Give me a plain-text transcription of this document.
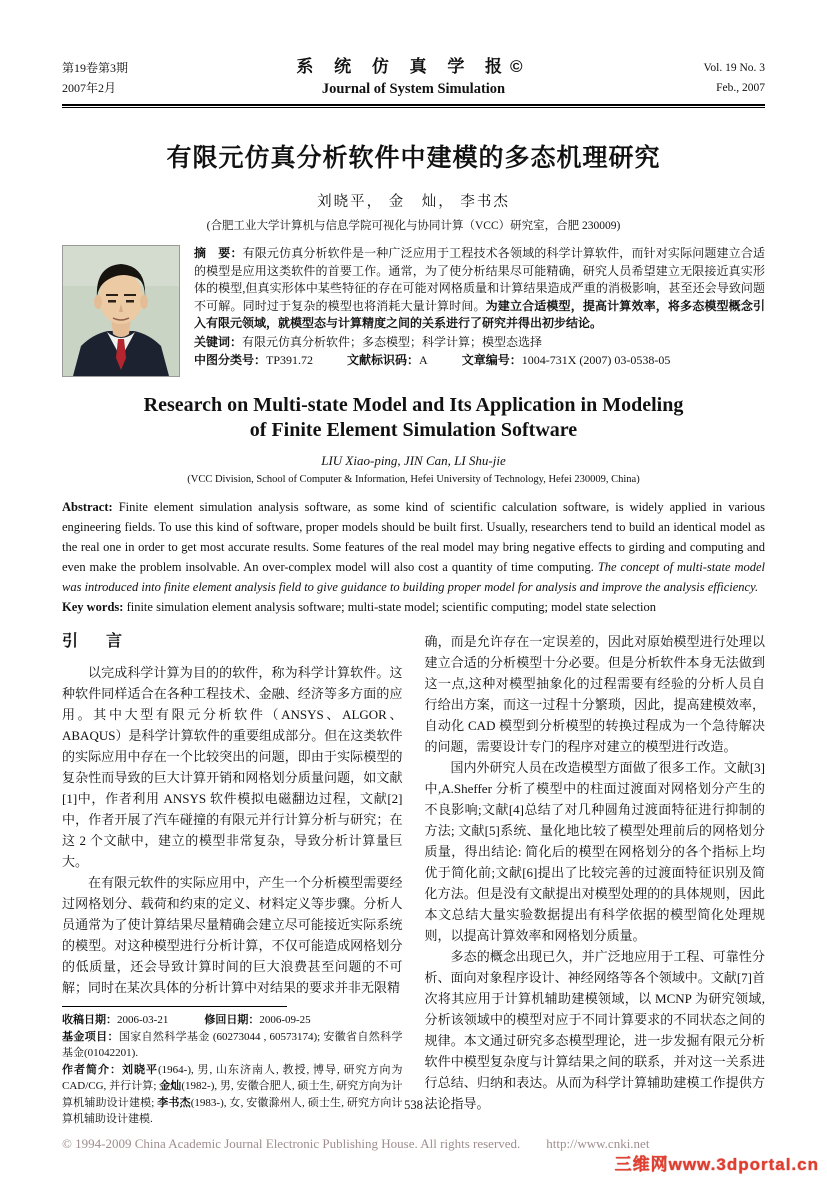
第19卷第3期
2007年2月
系 统 仿 真 学 报©
Journal of System Simulation
Vol. 19 No. 3
Feb., 2007
有限元仿真分析软件中建模的多态机理研究
刘晓平， 金　灿， 李书杰
(合肥工业大学计算机与信息学院可视化与协同计算（VCC）研究室，合肥 230009)
摘　要：有限元仿真分析软件是一种广泛应用于工程技术各领域的科学计算软件，而针对实际问题建立合适的模型是应用这类软件的首要工作。通常，为了使分析结果尽可能精确，研究人员希望建立无限接近真实形体的模型,但真实形体中某些特征的存在可能对网格质量和计算结果造成严重的消极影响，甚至还会导致问题不可解。同时过于复杂的模型也将消耗大量计算时间。为建立合适模型，提高计算效率，将多态模型概念引入有限元领域，就模型态与计算精度之间的关系进行了研究并得出初步结论。
关键词：有限元仿真分析软件；多态模型；科学计算；模型态选择
中图分类号：TP391.72	文献标识码：A	文章编号：1004-731X (2007) 03-0538-05
Research on Multi-state Model and Its Application in Modeling
of Finite Element Simulation Software
LIU Xiao-ping, JIN Can, LI Shu-jie
(VCC Division, School of Computer & Information, Hefei University of Technology, Hefei 230009, China)
Abstract: Finite element simulation analysis software, as some kind of scientific calculation software, is widely applied in various engineering fields. To use this kind of software, proper models should be built first. Usually, researchers tend to build an identical model as the real one in order to get most accurate results. Some features of the real model may bring negative effects to girding and computing and even make the problem insolvable. An over-complex model will also cost a quantity of time computing. The concept of multi-state model was introduced into finite element analysis field to give guidance to building proper model for analysis and improve the analysis efficiency.
Key words: finite simulation element analysis software; multi-state model; scientific computing; model state selection
引　言

以完成科学计算为目的的软件，称为科学计算软件。这种软件同样适合在各种工程技术、金融、经济等多方面的应用。其中大型有限元分析软件（ANSYS、ALGOR、ABAQUS）是科学计算软件的重要组成部分。但在这类软件的实际应用中存在一个比较突出的问题，即由于实际模型的复杂性而导致的巨大计算开销和网格划分质量问题，如文献[1]中，作者利用 ANSYS 软件模拟电磁翻边过程，文献[2]中，作者开展了汽车碰撞的有限元并行计算分析与研究；在这 2 个文献中，建立的模型非常复杂，导致分析计算量巨大。

在有限元软件的实际应用中，产生一个分析模型需要经过网格划分、载荷和约束的定义、材料定义等步骤。分析人员通常为了使计算结果尽量精确会建立尽可能接近实际系统的模型。对这种模型进行分析计算，不仅可能造成网格划分的低质量，还会导致计算时间的巨大浪费甚至问题的不可解；同时在某次具体的分析计算中对结果的要求并非无限精

收稿日期：2006-03-21	修回日期：2006-09-25
基金项目：国家自然科学基金 (60273044 , 60573174); 安徽省自然科学基金(01042201).
作者简介：刘晓平(1964-), 男, 山东济南人, 教授, 博导, 研究方向为CAD/CG, 并行计算; 金灿(1982-), 男, 安徽合肥人, 硕士生, 研究方向为计算机辅助设计建模; 李书杰(1983-), 女, 安徽滁州人, 硕士生, 研究方向计算机辅助设计建模.

确，而是允许存在一定误差的，因此对原始模型进行处理以建立合适的分析模型十分必要。但是分析软件本身无法做到这一点,这种对模型抽象化的过程需要有经验的分析人员自行给出方案，而这一过程十分繁琐，因此，提高建模效率，自动化 CAD 模型到分析模型的转换过程成为一个急待解决的问题，需要设计专门的程序对建立的模型进行改造。

国内外研究人员在改造模型方面做了很多工作。文献[3]中,A.Sheffer 分析了模型中的柱面过渡面对网格划分产生的不良影响;文献[4]总结了对几种圆角过渡面特征进行抑制的方法; 文献[5]系统、量化地比较了模型处理前后的网格划分质量，得出结论: 简化后的模型在网格划分的各个指标上均优于简化前;文献[6]提出了比较完善的过渡面特征识别及简化方法。但是没有文献提出对模型处理的的具体规则，因此本文总结大量实验数据提出有科学依据的模型简化处理规则，以提高计算效率和网格划分质量。

多态的概念出现已久，并广泛地应用于工程、可靠性分析、面向对象程序设计、神经网络等各个领域中。文献[7]首次将其应用于计算机辅助建模领域，以 MCNP 为研究领域,分析该领域中的模型对应于不同计算要求的不同状态之间的规律。本文通过研究多态模型理论，进一步发掘有限元分析软件中模型复杂度与计算结果之间的联系，并对这一关系进行总结、归纳和表达。从而为科学计算辅助建模工作提供方法论指导。

· 538 ·
© 1994-2009 China Academic Journal Electronic Publishing House. All rights reserved. http://www.cnki.net
三维网www.3dportal.cn
